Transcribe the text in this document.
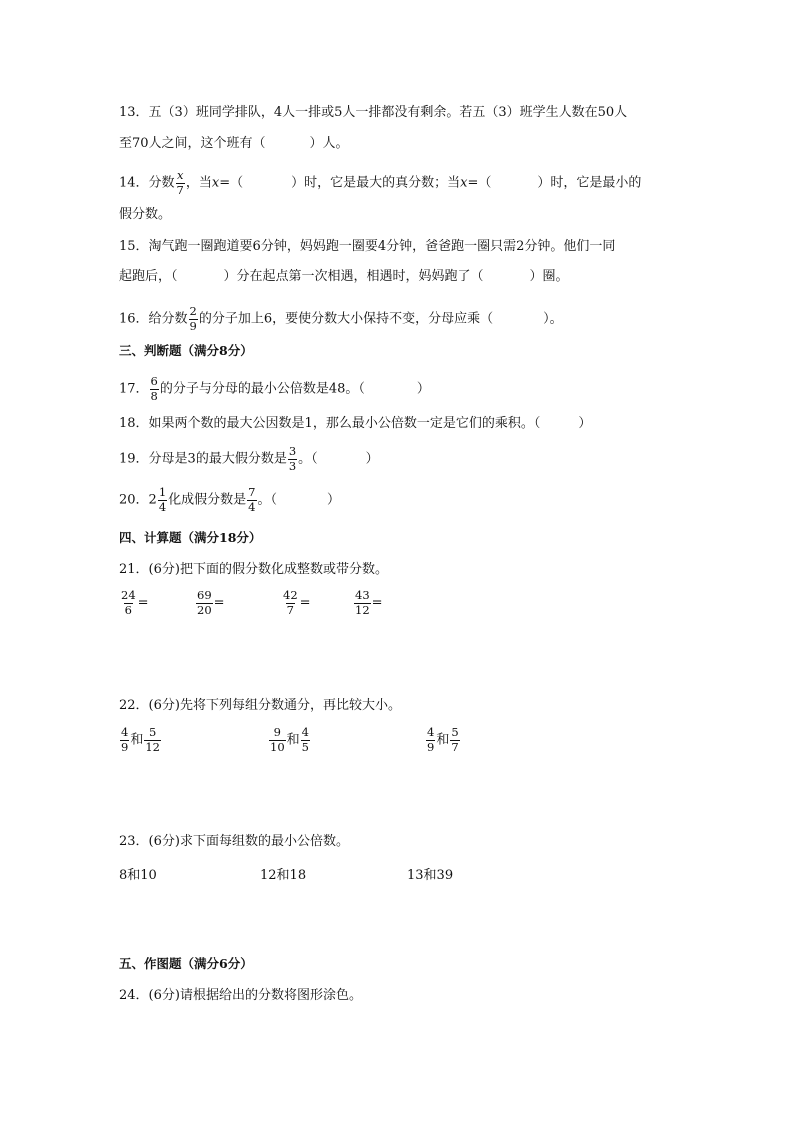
13．五（3）班同学排队，4人一排或5人一排都没有剩余。若五（3）班学生人数在50人
至70人之间，这个班有（	）人。
14．分数 $\frac{x}{7}$ ，当x=（	）时，它是最大的真分数；当x=（	）时，它是最小的
假分数。
15．淘气跑一圈跑道要6分钟，妈妈跑一圈要4分钟，爸爸跑一圈只需2分钟。他们一同
起跑后，（	）分在起点第一次相遇，相遇时，妈妈跑了（	）圈。
16．给分数 $\frac{2}{9}$ 的分子加上6，要使分数大小保持不变，分母应乘（	）。
三、判断题（满分8分）
17． $\frac{6}{8}$ 的分子与分母的最小公倍数是48。（	）
18．如果两个数的最大公因数是1，那么最小公倍数一定是它们的乘积。（	）
19．分母是3的最大假分数是 $\frac{3}{3}$ 。（	）
20．$2 \frac{1}{4}$ 化成假分数是 $\frac{7}{4}$ 。（	）
四、计算题（满分18分）
21．(6分)把下面的假分数化成整数或带分数。
$\frac{24}{6}$ =	$\frac{69}{20}$ =	$\frac{42}{7}$ =	$\frac{43}{12}$ =
22．(6分)先将下列每组分数通分，再比较大小。
$\frac{4}{9}$ 和 $\frac{5}{12}$	$\frac{9}{10}$ 和 $\frac{4}{5}$	$\frac{4}{9}$ 和 $\frac{5}{7}$
23．(6分)求下面每组数的最小公倍数。
8和10	12和18	13和39
五、作图题（满分6分）
24．(6分)请根据给出的分数将图形涂色。
